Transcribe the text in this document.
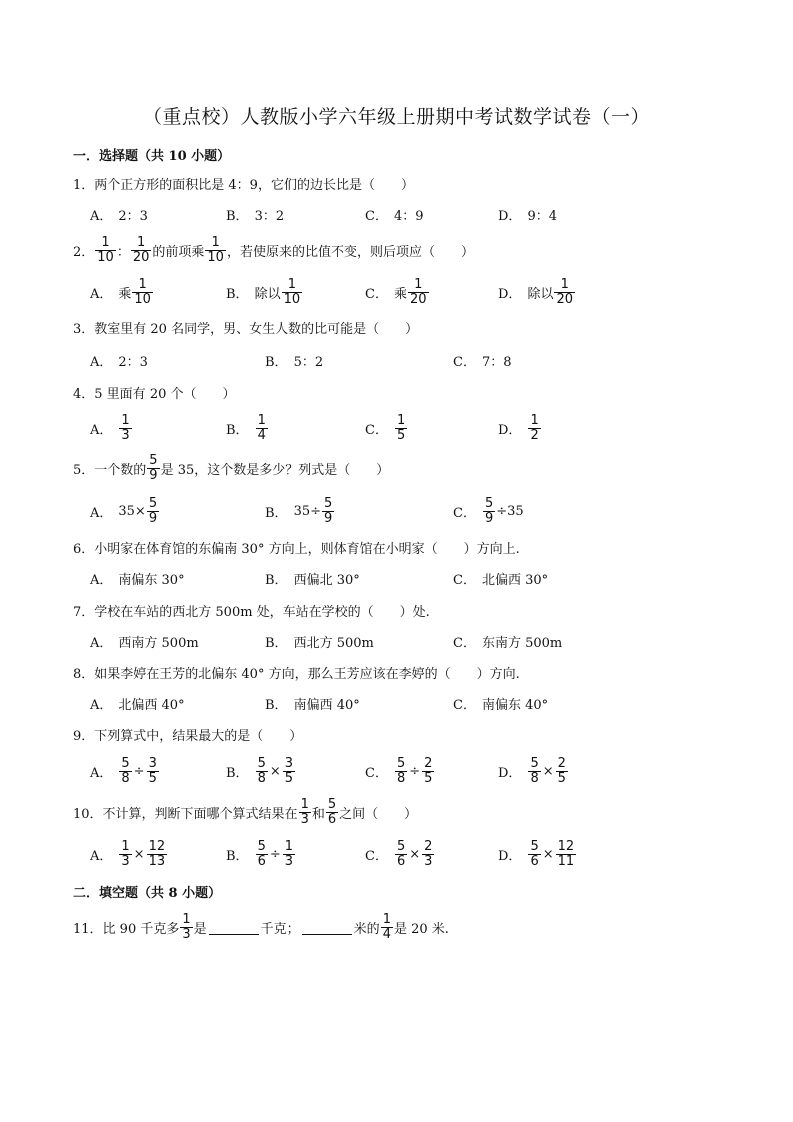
（重点校）人教版小学六年级上册期中考试数学试卷（一）
一．选择题（共 10 小题）
1． 两个正方形的面积比是 4：9，它们的边长比是（　　）
A． 2：3	B． 3：2	C． 4：9	D． 9：4
2． $\frac{1}{10}$ ： $\frac{1}{20}$ 的前项乘 $\frac{1}{10}$ ，若使原来的比值不变，则后项应（　　）
A． 乘 $\frac{1}{10}$	B． 除以 $\frac{1}{10}$	C． 乘 $\frac{1}{20}$	D． 除以 $\frac{1}{20}$
3． 教室里有 20 名同学，男、女生人数的比可能是（　　）
A． 2：3	B． 5：2	C． 7：8
4． 5 里面有 20 个（　　）
A． $\frac{1}{3}$	B． $\frac{1}{4}$	C． $\frac{1}{5}$	D． $\frac{1}{2}$
5． 一个数的 $\frac{5}{9}$ 是 35，这个数是多少？列式是（　　）
A． $35\times \frac{5}{9}$	B． $35\div \frac{5}{9}$	C． $\frac{5}{9} \div 35$
6． 小明家在体育馆的东偏南 30° 方向上，则体育馆在小明家（　　）方向上.
A． 南偏东 30°	B． 西偏北 30°	C． 北偏西 30°
7． 学校在车站的西北方 500m 处，车站在学校的（　　）处.
A． 西南方 500m	B． 西北方 500m	C． 东南方 500m
8． 如果李婷在王芳的北偏东 40° 方向，那么王芳应该在李婷的（　　）方向.
A． 北偏西 40°	B． 南偏西 40°	C． 南偏东 40°
9． 下列算式中，结果最大的是（　　）
A． $\frac{5}{8} \div \frac{3}{5}$	B． $\frac{5}{8} \times \frac{3}{5}$	C． $\frac{5}{8} \div \frac{2}{5}$	D． $\frac{5}{8} \times \frac{2}{5}$
10． 不计算，判断下面哪个算式结果在 $\frac{1}{3}$ 和 $\frac{5}{6}$ 之间（　　）
A． $\frac{1}{3} \times \frac{12}{13}$	B． $\frac{5}{6} \div \frac{1}{3}$	C． $\frac{5}{6} \times \frac{2}{3}$	D． $\frac{5}{6} \times \frac{12}{11}$
二．填空题（共 8 小题）
11． 比 90 千克多 $\frac{1}{3}$ 是	千克；	米的 $\frac{1}{4}$ 是 20 米.
